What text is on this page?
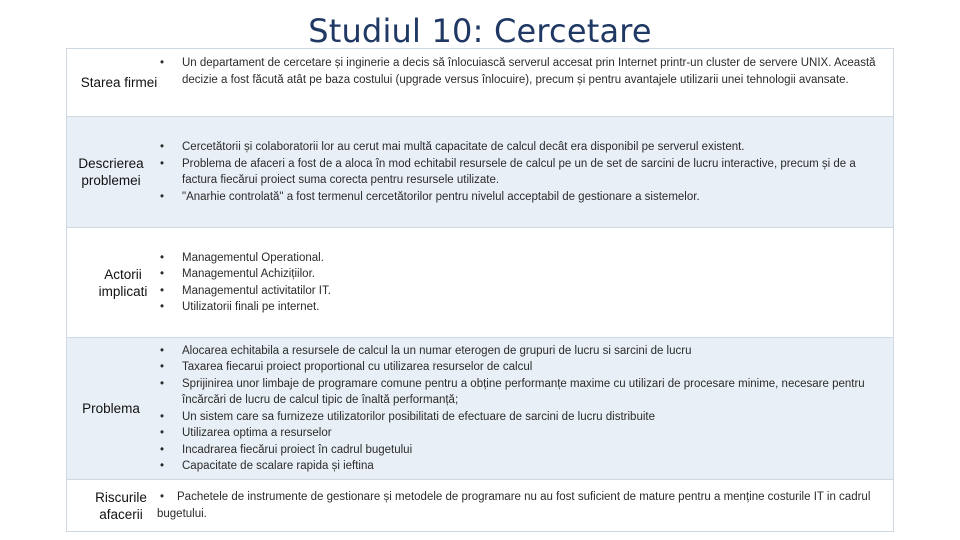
Studiul 10: Cercetare
Starea firmei
• Un departament de cercetare și inginerie a decis să înlocuiască serverul accesat prin Internet printr-un cluster de servere UNIX. Această decizie a fost făcută atât pe baza costului (upgrade versus înlocuire), precum și pentru avantajele utilizarii unei tehnologii avansate.
Descrierea problemei
• Cercetătorii și colaboratorii lor au cerut mai multă capacitate de calcul decât era disponibil pe serverul existent.
• Problema de afaceri a fost de a aloca în mod echitabil resursele de calcul pe un de set de sarcini de lucru interactive, precum și de a factura fiecărui proiect suma corecta pentru resursele utilizate.
• "Anarhie controlată" a fost termenul cercetătorilor pentru nivelul acceptabil de gestionare a sistemelor.
Actorii implicati
• Managementul Operational.
• Managementul Achizițiilor.
• Managementul activitatilor IT.
• Utilizatorii finali pe internet.
Problema
• Alocarea echitabila a resursele de calcul la un numar eterogen de grupuri de lucru si sarcini de lucru
• Taxarea fiecarui proiect proportional cu utilizarea resurselor de calcul
• Sprijinirea unor limbaje de programare comune pentru a obține performanțe maxime cu utilizari de procesare minime, necesare pentru încărcări de lucru de calcul tipic de înaltă performanță;
• Un sistem care sa furnizeze utilizatorilor posibilitati de efectuare de sarcini de lucru distribuite
• Utilizarea optima a resurselor
• Incadrarea fiecărui proiect în cadrul bugetului
• Capacitate de scalare rapida și ieftina
Riscurile afacerii
• Pachetele de instrumente de gestionare și metodele de programare nu au fost suficient de mature pentru a menține costurile IT in cadrul bugetului.
